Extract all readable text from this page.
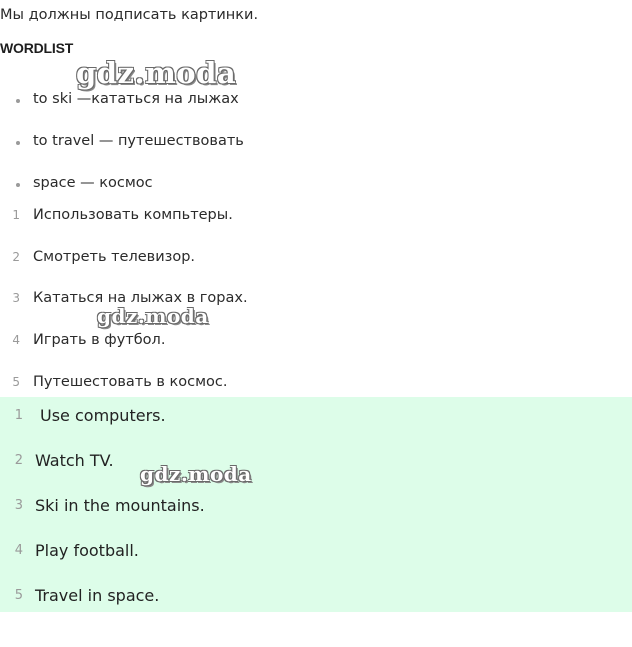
Мы должны подписать картинки.
WORDLIST
to ski —кататься на лыжах
to travel — путешествовать
space — космос
1 Использовать компьтеры.
2 Смотреть телевизор.
3 Кататься на лыжах в горах.
4 Играть в футбол.
5 Путешестовать в космос.
1 Use computers.
2 Watch TV.
3 Ski in the mountains.
4 Play football.
5 Travel in space.
gdz.moda
gdz.moda
gdz.moda
